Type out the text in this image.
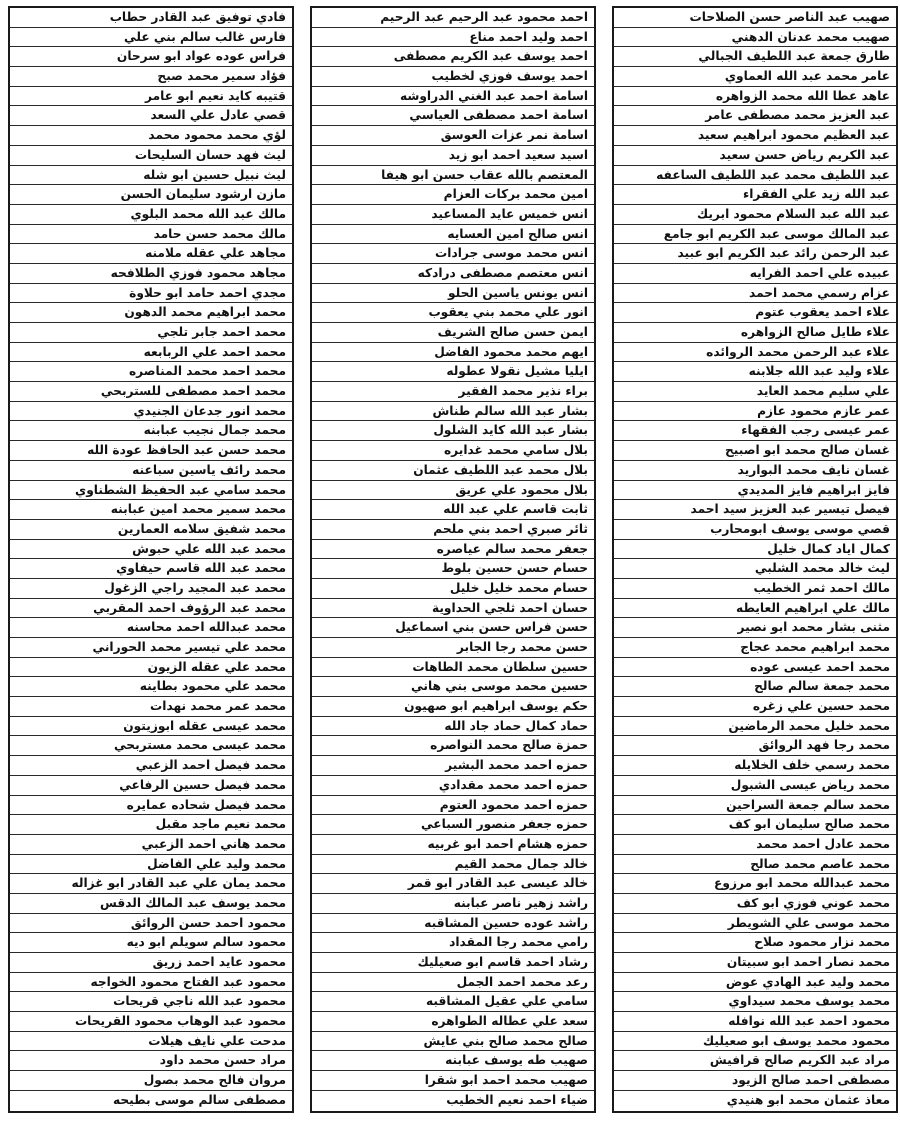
فادي توفيق عبد القادر حطاب
فارس غالب سالم بني علي
فراس عوده عواد ابو سرحان
فؤاد سمير محمد صبح
قتيبه كايد نعيم ابو عامر
قصي عادل علي السعد
لؤي محمد محمود محمد
ليث فهد حسان السليحات
ليث نبيل حسين ابو شله
مازن ارشود سليمان الحسن
مالك عبد الله محمد البلوي
مالك محمد حسن حامد
مجاهد علي عقله ملامنه
مجاهد محمود فوزي الطلافحه
مجدي احمد حامد ابو حلاوة
محمد ابراهيم محمد الدهون
محمد احمد جابر تلجي
محمد احمد علي الربابعه
محمد احمد محمد المناصره
محمد احمد مصطفى للستربحي
محمد انور جدعان الجنيدي
محمد جمال نجيب عبابنه
محمد حسن عبد الحافظ عودة الله
محمد رائف ياسين سباعنه
محمد سامي عبد الحفيظ الشطناوي
محمد سمير محمد امين عبابنه
محمد شفيق سلامه العمارين
محمد عبد الله علي حبوش
محمد عبد الله قاسم حيفاوي
محمد عبد المجيد راجي الزغول
محمد عبد الرؤوف احمد المقربي
محمد عبدالله احمد محاسنه
محمد علي تيسير محمد الحوراني
محمد علي عقله الزيون
محمد علي محمود بطاينه
محمد عمر محمد نهدات
محمد عيسى عقله ابوزيتون
محمد عيسى محمد مستربحي
محمد فيصل احمد الزعبي
محمد فيصل حسين الرفاعي
محمد فيصل شحاده عمايره
محمد نعيم ماجد مقبل
محمد هاني احمد الزعبي
محمد وليد علي الفاضل
محمد يمان علي عبد القادر ابو غزاله
محمد يوسف عبد المالك الدقس
محمود احمد حسن الروائق
محمود سالم سويلم ابو ديه
محمود عايد احمد زريق
محمود عبد الفتاح محمود الخواجه
محمود عبد الله ناجي قريحات
محمود عبد الوهاب محمود القريحات
مدحت علي نايف هيلات
مراد حسن محمد داود
مروان فالح محمد بصول
مصطفى سالم موسى بطيحه
احمد محمود عبد الرحيم عبد الرحيم
احمد وليد احمد مناع
احمد يوسف عبد الكريم مصطفى
احمد يوسف فوزي لخطيب
اسامة احمد عبد الغني الدراوشه
اسامة احمد مصطفى العياسي
اسامة نمر عزات العوسق
اسيد سعيد احمد ابو زيد
المعتصم بالله عقاب حسن ابو هيفا
امين محمد بركات العزام
انس خميس عايد المساعيد
انس صالح امين العسايه
انس محمد موسى جرادات
انس معتصم مصطفى درادكه
انس يونس ياسين الحلو
انور علي محمد بني يعقوب
ايمن حسن صالح الشريف
ايهم محمد محمود الفاضل
ايليا مشيل نقولا عطوله
براء نذير محمد الفقير
بشار عبد الله سالم طناش
بشار عبد الله كايد الشلول
بلال سامي محمد غدايره
بلال محمد عبد اللطيف عثمان
بلال محمود علي عريق
ثابت قاسم علي عبد الله
ثائر صبري احمد بني ملحم
جعفر محمد سالم عياصره
حسام حسن حسين بلوط
حسام محمد خليل خليل
حسان احمد ثلجي الحداوية
حسن فراس حسن بني اسماعيل
حسن محمد رجا الجابر
حسين سلطان محمد الطاهات
حسين محمد موسى بني هاني
حكم يوسف ابراهيم ابو صهيون
حماد كمال حماد جاد الله
حمزة صالح محمد النواصره
حمزه احمد محمد البشير
حمزه احمد محمد مقدادي
حمزه احمد محمود العتوم
حمزه جعفر منصور السباعي
حمزه هشام احمد ابو غربيه
خالد جمال محمد القيم
خالد عيسى عبد القادر ابو قمر
راشد زهير ناصر عبابنه
راشد عوده حسين المشاقبه
رامي محمد رجا المقداد
رشاد احمد قاسم ابو صعيليك
رعد محمد احمد الجمل
سامي علي عقيل المشاقبه
سعد علي عطاله الطواهره
صالح محمد صالح بني عايش
صهيب طه يوسف عبابنه
صهيب محمد احمد ابو شقرا
ضياء احمد نعيم الخطيب
صهيب عبد الناصر حسن الصلاحات
صهيب محمد عدنان الدهني
طارق جمعة عبد اللطيف الجبالي
عامر محمد عبد الله العماوي
عاهد عطا الله محمد الزواهره
عبد العزيز محمد مصطفى عامر
عبد العظيم محمود ابراهيم سعيد
عبد الكريم رياض حسن سعيد
عبد اللطيف محمد عبد اللطيف الساعفه
عبد الله زيد علي الفقراء
عبد الله عبد السلام محمود ابريك
عبد المالك موسى عبد الكريم ابو جامع
عبد الرحمن رائد عبد الكريم ابو عبيد
عبيده علي احمد الفرايه
عزام رسمي محمد احمد
علاء احمد يعقوب عتوم
علاء طايل صالح الزواهره
علاء عبد الرحمن محمد الروائده
علاء وليد عبد الله جلابنه
علي سليم محمد العايد
عمر عازم محمود عازم
عمر عيسى رجب الفقهاء
غسان صالح محمد ابو اصبيح
غسان نايف محمد البواريد
فايز ابراهيم فايز المديدي
فيصل تيسير عبد العزيز سيد احمد
قصي موسى يوسف ابومحارب
كمال اياد كمال خليل
ليث خالد محمد الشلبي
مالك احمد ثمر الخطيب
مالك علي ابراهيم العايطه
مثنى بشار محمد ابو نصير
محمد ابراهيم محمد عجاج
محمد احمد عيسى عوده
محمد جمعة سالم صالح
محمد حسين علي زغره
محمد خليل محمد الرماضين
محمد رجا فهد الروائق
محمد رسمي خلف الخلايله
محمد رياض عيسى الشبول
محمد سالم جمعة السراحين
محمد صالح سليمان ابو كف
محمد عادل احمد محمد
محمد عاصم محمد صالح
محمد عبدالله محمد ابو مرزوع
محمد عوني فوزي ابو كف
محمد موسى علي الشويطر
محمد نزار محمود صلاح
محمد نصار احمد ابو سبيتان
محمد وليد عبد الهادي عوض
محمد يوسف محمد سيداوي
محمود احمد عبد الله نوافله
محمود محمد يوسف ابو صعيليك
مراد عبد الكريم صالح قرافيش
مصطفى احمد صالح الزيود
معاذ عثمان محمد ابو هنيدي
